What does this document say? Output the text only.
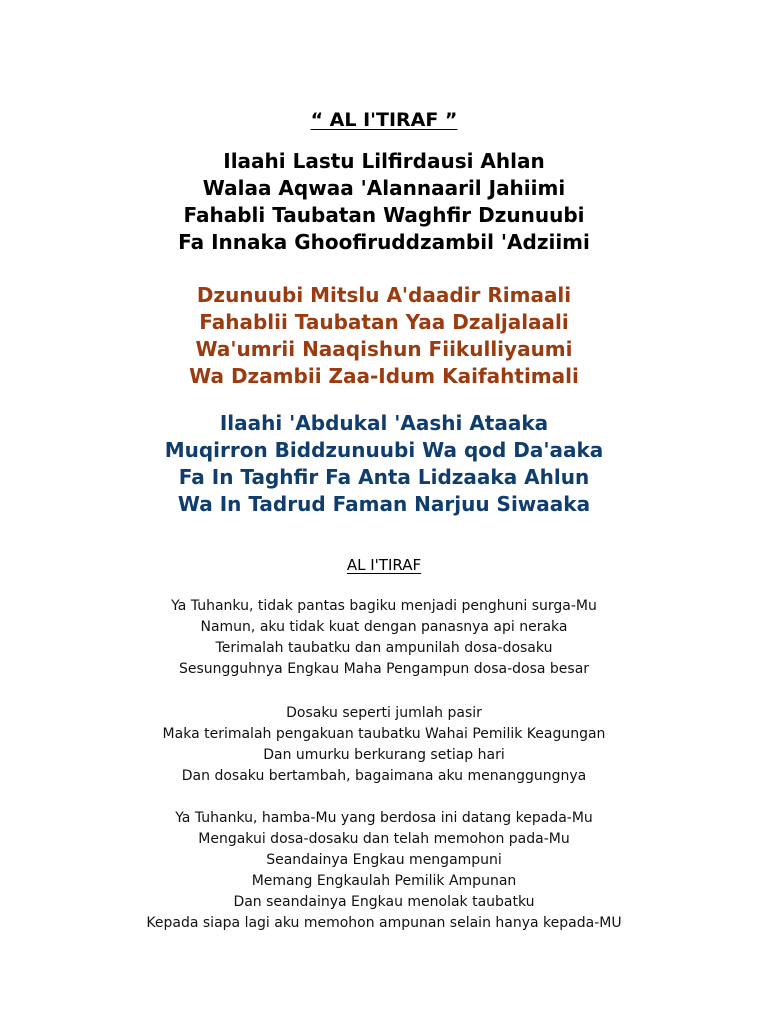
“ AL I'TIRAF ”
Ilaahi Lastu Lilfirdausi Ahlan
Walaa Aqwaa 'Alannaaril Jahiimi
Fahabli Taubatan Waghfir Dzunuubi
Fa Innaka Ghoofiruddzambil 'Adziimi
Dzunuubi Mitslu A'daadir Rimaali
Fahablii Taubatan Yaa Dzaljalaali
Wa'umrii Naaqishun Fiikulliyaumi
Wa Dzambii Zaa-Idum Kaifahtimali
Ilaahi 'Abdukal 'Aashi Ataaka
Muqirron Biddzunuubi Wa qod Da'aaka
Fa In Taghfir Fa Anta Lidzaaka Ahlun
Wa In Tadrud Faman Narjuu Siwaaka
AL I'TIRAF
Ya Tuhanku, tidak pantas bagiku menjadi penghuni surga-Mu
Namun, aku tidak kuat dengan panasnya api neraka
Terimalah taubatku dan ampunilah dosa-dosaku
Sesungguhnya Engkau Maha Pengampun dosa-dosa besar
Dosaku seperti jumlah pasir
Maka terimalah pengakuan taubatku Wahai Pemilik Keagungan
Dan umurku berkurang setiap hari
Dan dosaku bertambah, bagaimana aku menanggungnya
Ya Tuhanku, hamba-Mu yang berdosa ini datang kepada-Mu
Mengakui dosa-dosaku dan telah memohon pada-Mu
Seandainya Engkau mengampuni
Memang Engkaulah Pemilik Ampunan
Dan seandainya Engkau menolak taubatku
Kepada siapa lagi aku memohon ampunan selain hanya kepada-MU
